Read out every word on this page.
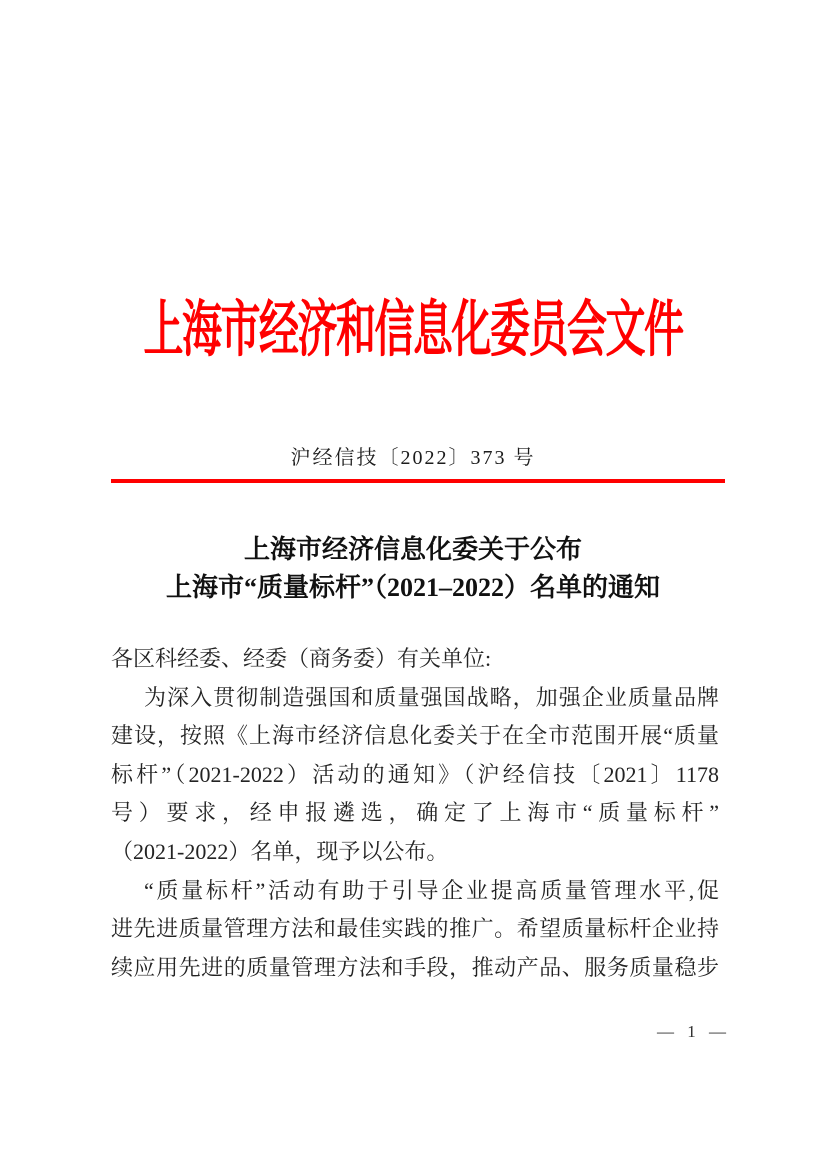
上海市经济和信息化委员会文件
沪经信技〔2022〕373 号
上海市经济信息化委关于公布
上海市“质量标杆”（2021–2022）名单的通知
各区科经委、经委（商务委）有关单位:
为深入贯彻制造强国和质量强国战略，加强企业质量品牌
建设，按照《上海市经济信息化委关于在全市范围开展“质量
标杆”（2021-2022）活动的通知》（沪经信技〔2021〕1178
号）要求，经申报遴选，确定了上海市“质量标杆”
（2021-2022）名单，现予以公布。
“质量标杆”活动有助于引导企业提高质量管理水平,促
进先进质量管理方法和最佳实践的推广。希望质量标杆企业持
续应用先进的质量管理方法和手段，推动产品、服务质量稳步
— 1 —
